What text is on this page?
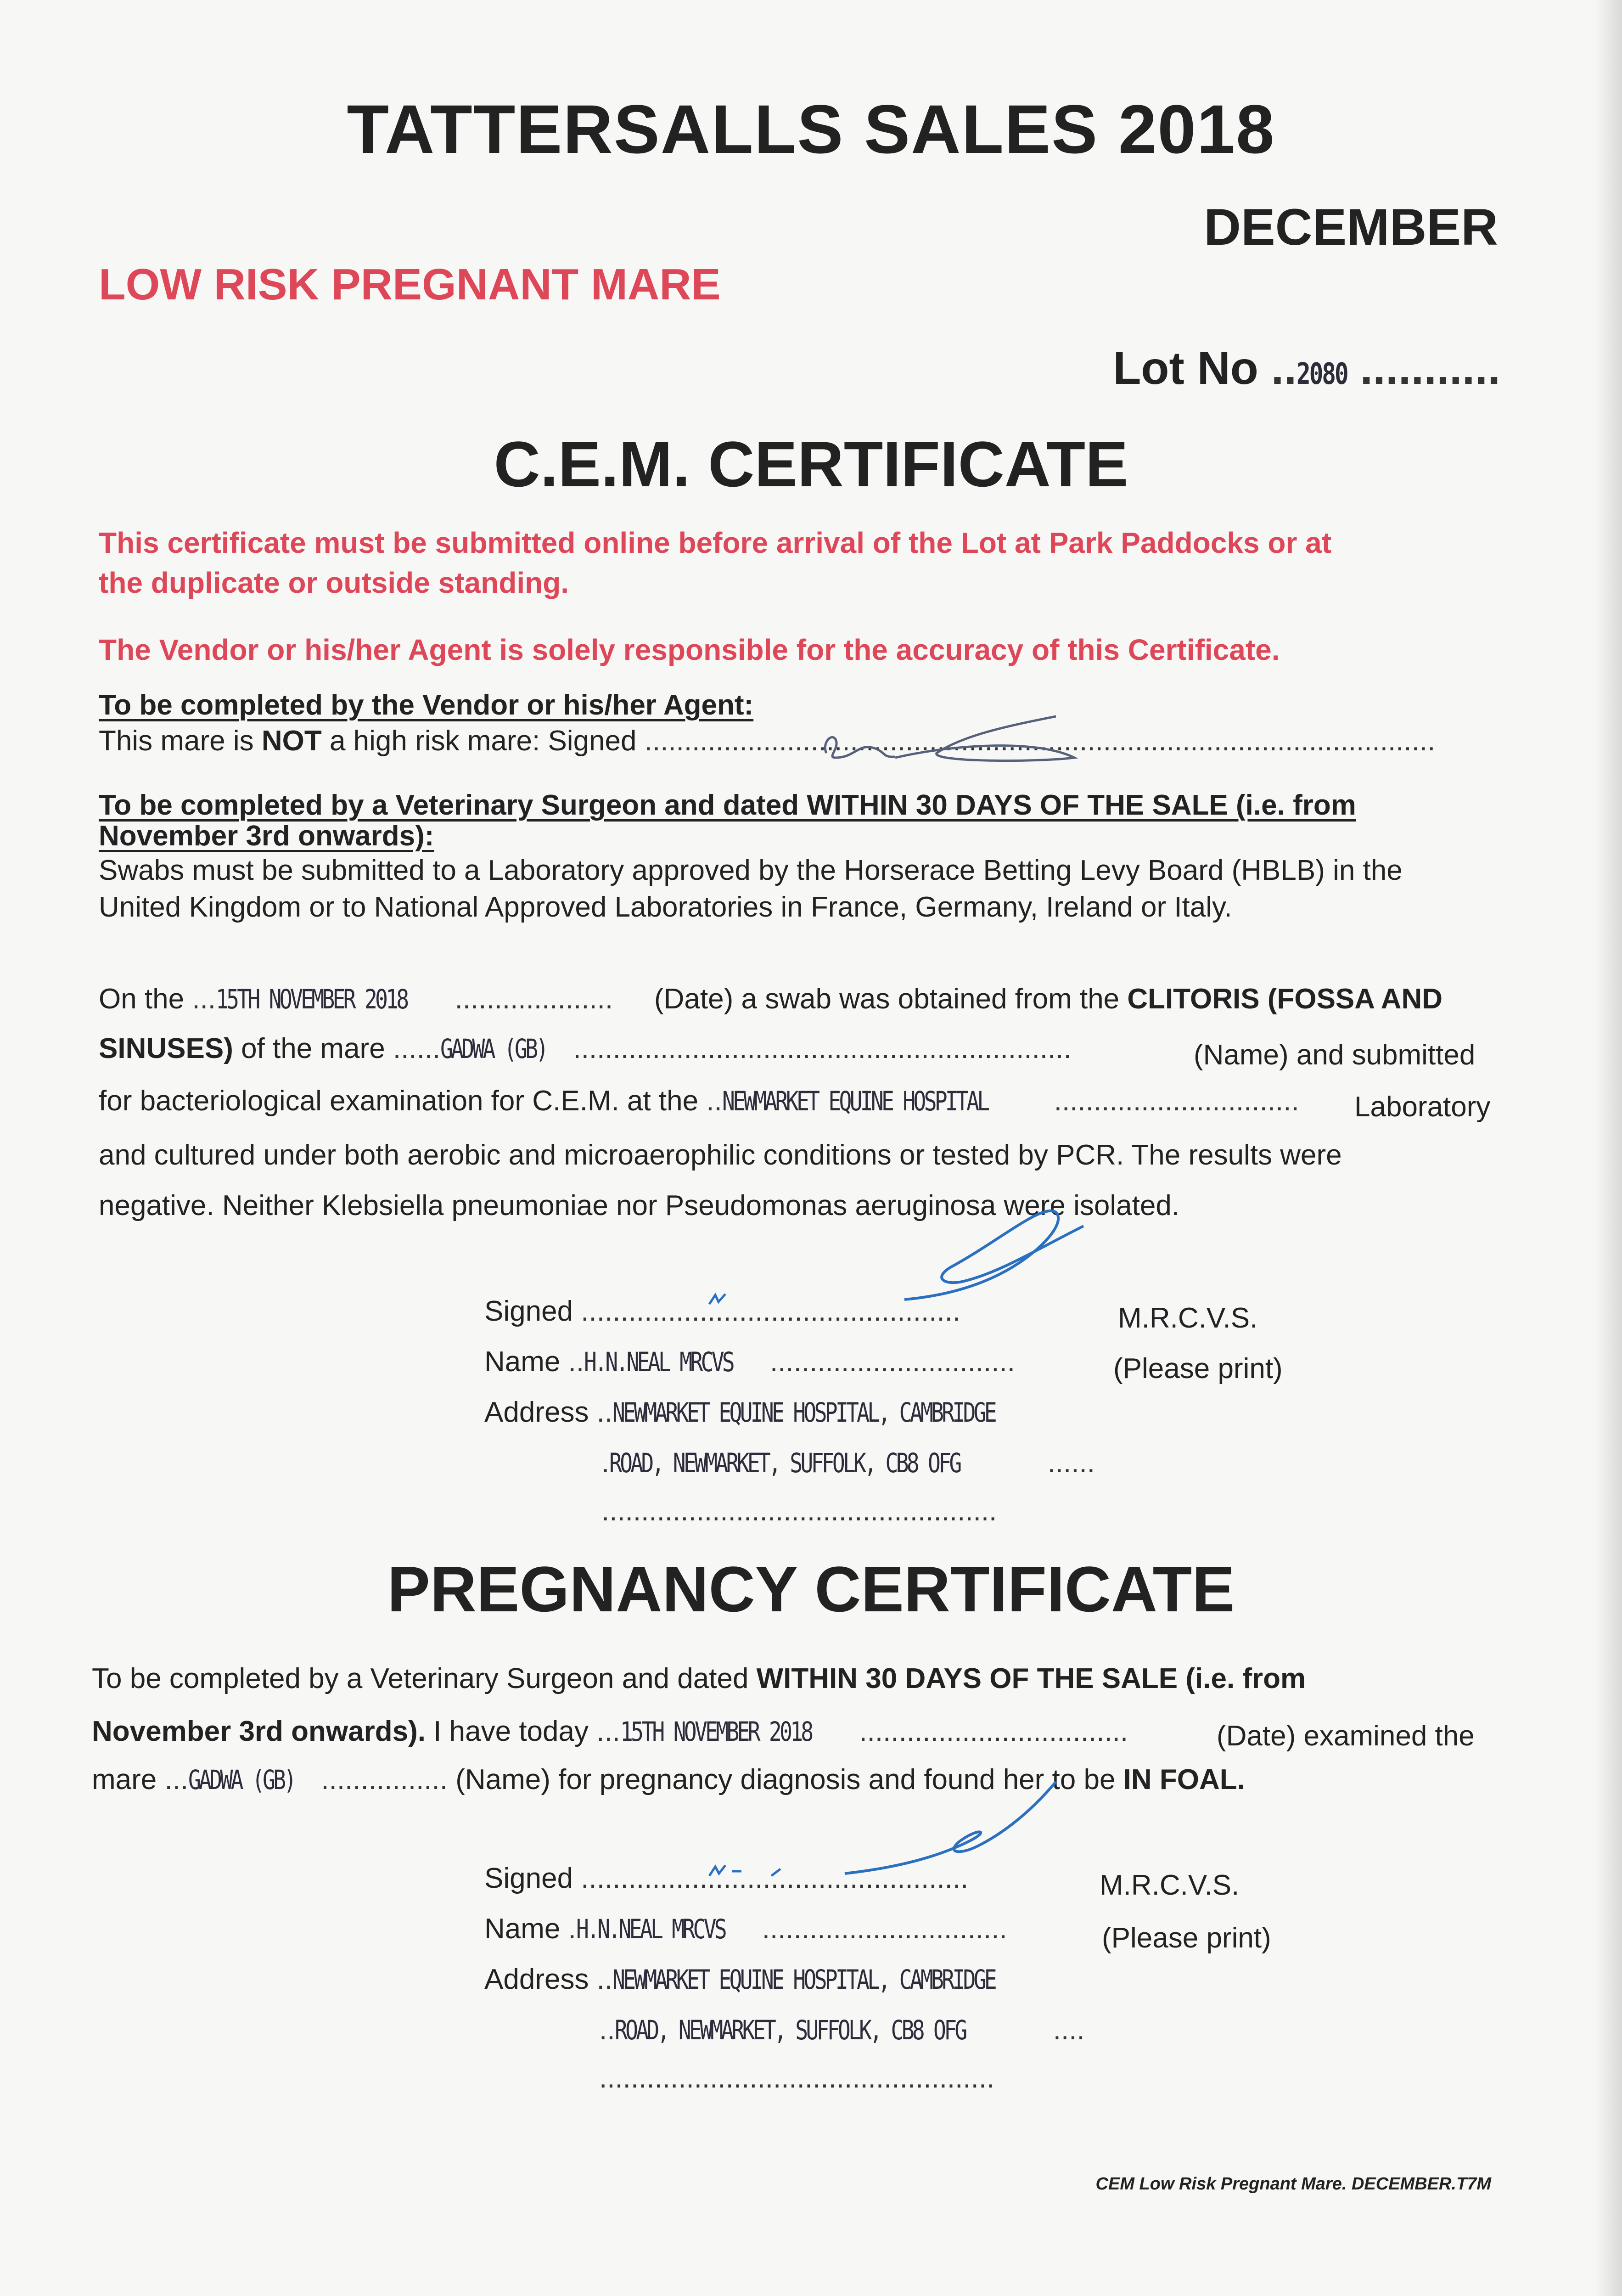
TATTERSALLS SALES 2018
DECEMBER
LOW RISK PREGNANT MARE
Lot No ..2080 ...........
C.E.M. CERTIFICATE
This certificate must be submitted online before arrival of the Lot at Park Paddocks or at
the duplicate or outside standing.
The Vendor or his/her Agent is solely responsible for the accuracy of this Certificate.
To be completed by the Vendor or his/her Agent:
This mare is NOT a high risk mare: Signed ....................................................................................................
To be completed by a Veterinary Surgeon and dated WITHIN 30 DAYS OF THE SALE (i.e. from
November 3rd onwards):
Swabs must be submitted to a Laboratory approved by the Horserace Betting Levy Board (HBLB) in the
United Kingdom or to National Approved Laboratories in France, Germany, Ireland or Italy.
On the ...15TH NOVEMBER 2018 .................... (Date) a swab was obtained from the CLITORIS (FOSSA AND
SINUSES) of the mare ......GADWA (GB) ...............................................................	(Name) and submitted
for bacteriological examination for C.E.M. at the ..NEWMARKET EQUINE HOSPITAL ............................... Laboratory
and cultured under both aerobic and microaerophilic conditions or tested by PCR. The results were
negative. Neither Klebsiella pneumoniae nor Pseudomonas aeruginosa were isolated.
Signed ................................................	M.R.C.V.S.
Name ..H.N.NEAL MRCVS ...............................	(Please print)
Address ..NEWMARKET EQUINE HOSPITAL, CAMBRIDGE
.ROAD, NEWMARKET, SUFFOLK, CB8 OFG	......
..................................................
PREGNANCY CERTIFICATE
To be completed by a Veterinary Surgeon and dated WITHIN 30 DAYS OF THE SALE (i.e. from
November 3rd onwards). I have today ...15TH NOVEMBER 2018 ..................................	(Date) examined the
mare ...GADWA (GB) ................ (Name) for pregnancy diagnosis and found her to be IN FOAL.
Signed .................................................	M.R.C.V.S.
Name .H.N.NEAL MRCVS ...............................	(Please print)
Address ..NEWMARKET EQUINE HOSPITAL, CAMBRIDGE
..ROAD, NEWMARKET, SUFFOLK, CB8 OFG	....
..................................................
CEM Low Risk Pregnant Mare. DECEMBER.T7M
